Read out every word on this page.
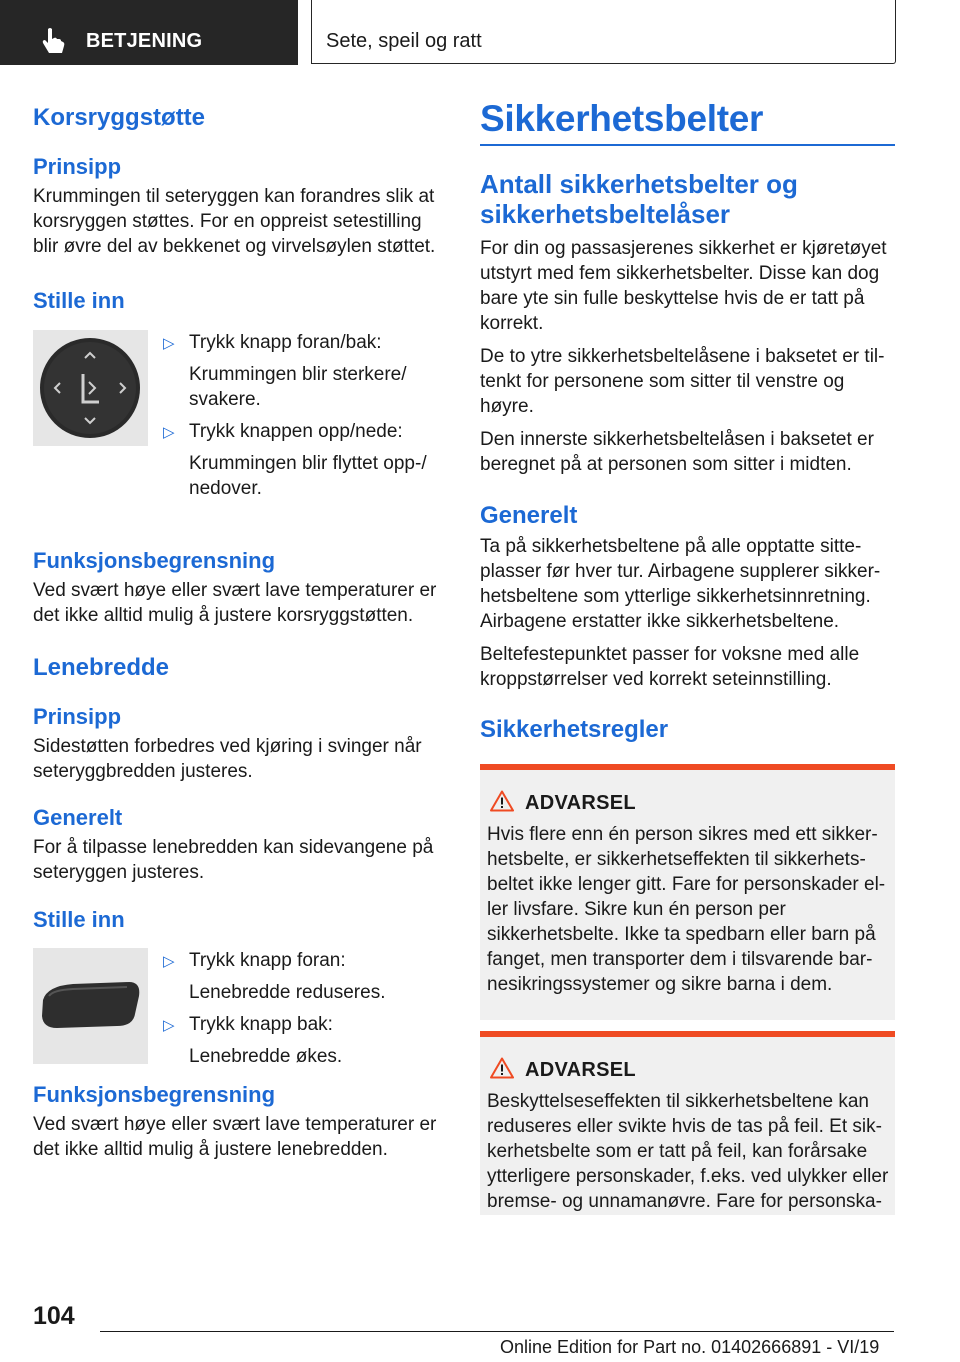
BETJENING	Sete, speil og ratt
Korsryggstøtte
Prinsipp

Krummingen til seteryggen kan forandres slik at korsryggen støttes. For en oppreist setestilling blir øvre del av bekkenet og virvelsøylen støttet.

Stille inn
▷ Trykk knapp foran/bak:
Krummingen blir sterkere/ svakere.
▷ Trykk knappen opp/nede:
Krummingen blir flyttet opp-/ nedover.
Funksjonsbegrensning

Ved svært høye eller svært lave temperaturer er det ikke alltid mulig å justere korsryggstøtten.

Lenebredde
Prinsipp

Sidestøtten forbedres ved kjøring i svinger når seteryggbredden justeres.

Generelt

For å tilpasse lenebredden kan sidevangene på seteryggen justeres.

Stille inn
▷ Trykk knapp foran:
Lenebredde reduseres.
▷ Trykk knapp bak:
Lenebredde økes.
Funksjonsbegrensning

Ved svært høye eller svært lave temperaturer er det ikke alltid mulig å justere lenebredden.

Sikkerhetsbelter
Antall sikkerhetsbelter og sikkerhetsbeltelåser

For din og passasjerenes sikkerhet er kjøretøyet utstyrt med fem sikkerhetsbelter. Disse kan dog bare yte sin fulle beskyttelse hvis de er tatt på korrekt.

De to ytre sikkerhetsbeltelåsene i baksetet er til-tenkt for personene som sitter til venstre og høyre.

Den innerste sikkerhetsbeltelåsen i baksetet er beregnet på at personen som sitter i midten.

Generelt

Ta på sikkerhetsbeltene på alle opptatte sitte-plasser før hver tur. Airbagene supplerer sikker-hetsbeltene som ytterlige sikkerhetsinnretning. Airbagene erstatter ikke sikkerhetsbeltene.

Beltefestepunktet passer for voksne med alle kroppstørrelser ved korrekt seteinnstilling.

Sikkerhetsregler
ADVARSEL
Hvis flere enn én person sikres med ett sikker-hetsbelte, er sikkerhetseffekten til sikkerhets-beltet ikke lenger gitt. Fare for personskader el-ler livsfare. Sikre kun én person per sikkerhetsbelte. Ikke ta spedbarn eller barn på fanget, men transporter dem i tilsvarende bar-nesikringssystemer og sikre barna i dem.
ADVARSEL
Beskyttelseseffekten til sikkerhetsbeltene kan reduseres eller svikte hvis de tas på feil. Et sik-kerhetsbelte som er tatt på feil, kan forårsake ytterligere personskader, f.eks. ved ulykker eller bremse- og unnamanøvre. Fare for personska-
104
Online Edition for Part no. 01402666891 - VI/19
